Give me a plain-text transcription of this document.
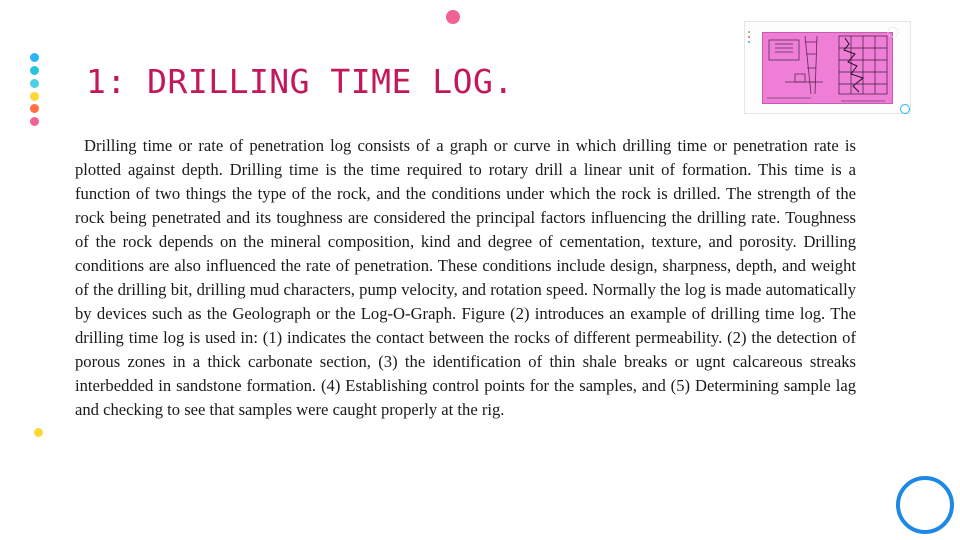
1: DRILLING TIME LOG.

Drilling time or rate of penetration log consists of a graph or curve in which drilling time or penetration rate is plotted against depth. Drilling time is the time required to rotary drill a linear unit of formation. This time is a function of two things the type of the rock, and the conditions under which the rock is drilled. The strength of the rock being penetrated and its toughness are considered the principal factors influencing the drilling rate. Toughness of the rock depends on the mineral composition, kind and degree of cementation, texture, and porosity. Drilling conditions are also influenced the rate of penetration. These conditions include design, sharpness, depth, and weight of the drilling bit, drilling mud characters, pump velocity, and rotation speed. Normally the log is made automatically by devices such as the Geolograph or the Log-O-Graph. Figure (2) introduces an example of drilling time log. The drilling time log is used in: (1) indicates the contact between the rocks of different permeability. (2) the detection of porous zones in a thick carbonate section, (3) the identification of thin shale breaks or ugnt calcareous streaks interbedded in sandstone formation. (4) Establishing control points for the samples, and (5) Determining sample lag and checking to see that samples were caught properly at the rig.
